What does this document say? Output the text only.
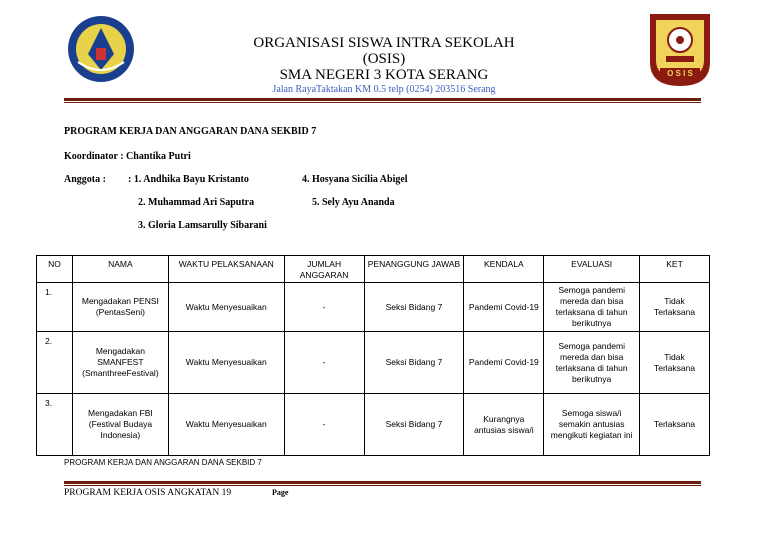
O S I S
ORGANISASI SISWA INTRA SEKOLAH
(OSIS)
SMA NEGERI 3 KOTA SERANG
Jalan RayaTaktakan KM 0.5 telp (0254) 203516 Serang
PROGRAM KERJA DAN ANGGARAN DANA SEKBID 7
Koordinator : Chantika Putri
Anggota : : 1. Andhika Bayu Kristanto	4. Hosyana Sicilia Abigel
2. Muhammad Ari Saputra	5. Sely Ayu Ananda
3. Gloria Lamsarully Sibarani
NO	NAMA	WAKTU PELAKSANAAN	JUMLAH ANGGARAN	PENANGGUNG JAWAB	KENDALA	EVALUASI	KET
1.	Mengadakan PENSI (PentasSeni)	Waktu Menyesuaikan	-	Seksi Bidang 7	Pandemi Covid-19	Semoga pandemi mereda dan bisa terlaksana di tahun berikutnya	Tidak Terlaksana
2.	Mengadakan SMANFEST (SmanthreeFestival)	Waktu Menyesuaikan	-	Seksi Bidang 7	Pandemi Covid-19	Semoga pandemi mereda dan bisa terlaksana di tahun berikutnya	Tidak Terlaksana
3.	Mengadakan FBI (Festival Budaya Indonesia)	Waktu Menyesuaikan	-	Seksi Bidang 7	Kurangnya antusias siswa/i	Semoga siswa/i semakin antusias mengikuti kegiatan ini	Terlaksana
PROGRAM KERJA DAN ANGGARAN DANA SEKBID 7
PROGRAM KERJA OSIS ANGKATAN 19	Page
